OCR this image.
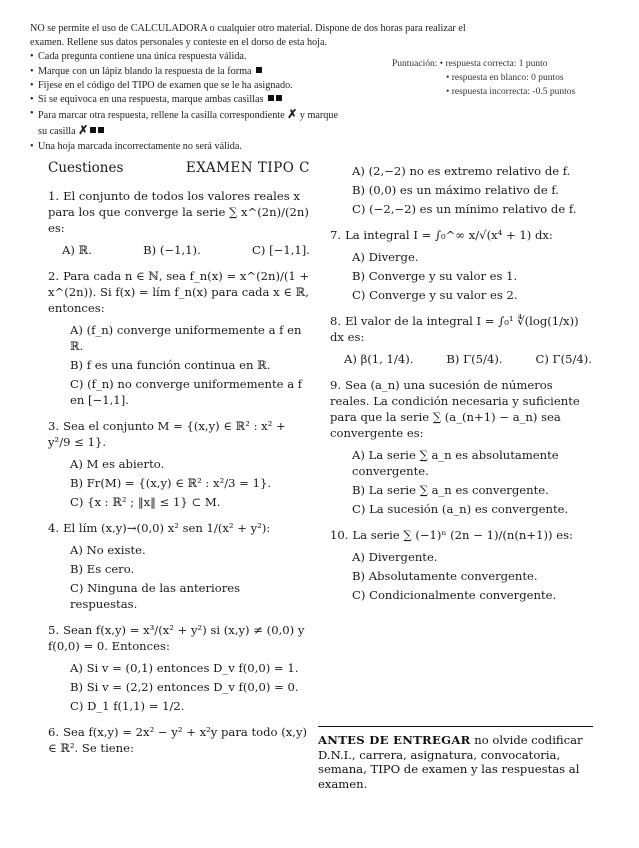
NO se permite el uso de CALCULADORA o cualquier otro material. Dispone de dos horas para realizar el

examen. Rellene sus datos personales y conteste en el dorso de esta hoja.

• Cada pregunta contiene una única respuesta válida.
• Marque con un lápiz blando la respuesta de la forma
• Fíjese en el código del TIPO de examen que se le ha asignado.
• Si se equivoca en una respuesta, marque ambas casillas
• Para marcar otra respuesta, rellene la casilla correspondiente ✗ y marque
su casilla ✗
• Una hoja marcada incorrectamente no será válida.
Puntuación: • respuesta correcta: 1 punto
• respuesta en blanco: 0 puntos
• respuesta incorrecta: -0.5 puntos
Cuestiones	EXAMEN TIPO C

1. El conjunto de todos los valores reales x para los que converge la serie ∑ x^(2n)/(2n) es:

A) ℝ.	B) (−1,1).	C) [−1,1].

2. Para cada n ∈ ℕ, sea f_n(x) = x^(2n)/(1 + x^(2n)). Si f(x) = lím f_n(x) para cada x ∈ ℝ, entonces:

A) (f_n) converge uniformemente a f en ℝ.
B) f es una función continua en ℝ.
C) (f_n) no converge uniformemente a f en [−1,1].

3. Sea el conjunto M = {(x,y) ∈ ℝ² : x² + y²/9 ≤ 1}.

A) M es abierto.
B) Fr(M) = {(x,y) ∈ ℝ² : x²/3 = 1}.
C) {x : ℝ² ; ‖x‖ ≤ 1} ⊂ M.

4. El lím (x,y)→(0,0) x² sen 1/(x² + y²):

A) No existe.
B) Es cero.
C) Ninguna de las anteriores respuestas.

5. Sean f(x,y) = x³/(x² + y²) si (x,y) ≠ (0,0) y f(0,0) = 0. Entonces:

A) Si v = (0,1) entonces D_v f(0,0) = 1.
B) Si v = (2,2) entonces D_v f(0,0) = 0.
C) D_1 f(1,1) = 1/2.

6. Sea f(x,y) = 2x² − y² + x²y para todo (x,y) ∈ ℝ². Se tiene:

A) (2,−2) no es extremo relativo de f.
B) (0,0) es un máximo relativo de f.
C) (−2,−2) es un mínimo relativo de f.

7. La integral I = ∫₀^∞ x/√(x⁴ + 1) dx:

A) Diverge.
B) Converge y su valor es 1.
C) Converge y su valor es 2.

8. El valor de la integral I = ∫₀¹ ∜(log(1/x)) dx es:

A) β(1, 1/4).	B) Γ(5/4).	C) Γ(5/4).

9. Sea (a_n) una sucesión de números reales. La condición necesaria y suficiente para que la serie ∑ (a_(n+1) − a_n) sea convergente es:

A) La serie ∑ a_n es absolutamente convergente.
B) La serie ∑ a_n es convergente.
C) La sucesión (a_n) es convergente.

10. La serie ∑ (−1)ⁿ (2n − 1)/(n(n+1)) es:

A) Divergente.
B) Absolutamente convergente.
C) Condicionalmente convergente.
ANTES DE ENTREGAR no olvide codificar D.N.I., carrera, asignatura, convocatoria, semana, TIPO de examen y las respuestas al examen.
